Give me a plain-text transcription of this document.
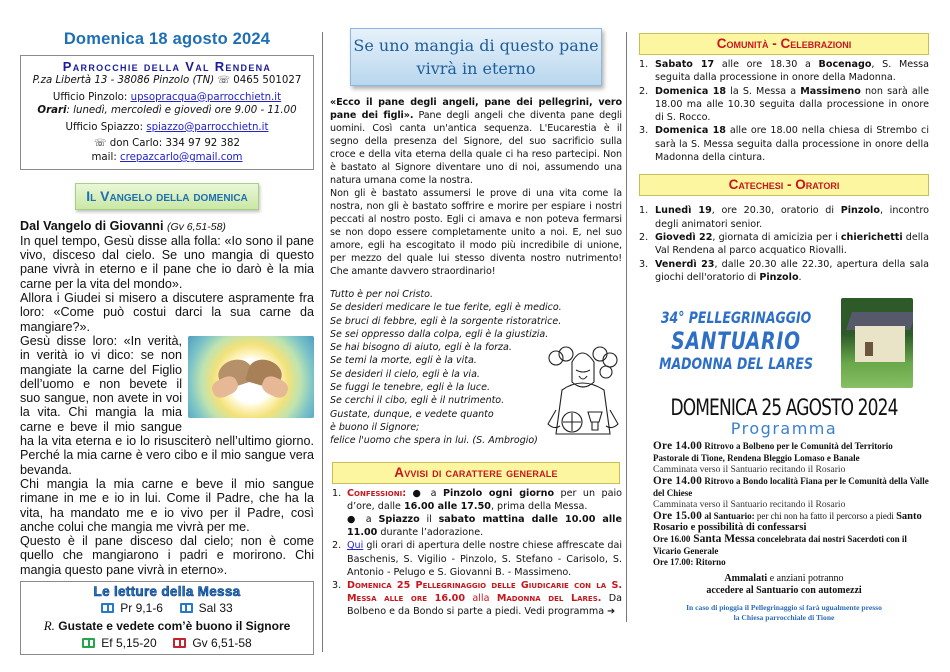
Domenica 18 agosto 2024
Parrocchie della Val Rendena
P.za Libertà 13 - 38086 Pinzolo (TN) ☏ 0465 501027
Ufficio Pinzolo: upsopracqua@parrocchietn.it
Orari: lunedì, mercoledì e giovedì ore 9.00 - 11.00
Ufficio Spiazzo: spiazzo@parrocchietn.it
☏ don Carlo: 334 97 92 382
mail: crepazcarlo@gmail.com
Il Vangelo della domenica

Dal Vangelo di Giovanni (Gv 6,51-58)

In quel tempo, Gesù disse alla folla: «Io sono il pane vivo, disceso dal cielo. Se uno mangia di questo pane vivrà in eterno e il pane che io darò è la mia carne per la vita del mondo».

Allora i Giudei si misero a discutere aspramente fra loro: «Come può costui darci la sua carne da mangiare?».

Gesù disse loro: «In verità, in verità io vi dico: se non mangiate la carne del Figlio dell’uomo e non bevete il suo sangue, non avete in voi la vita. Chi mangia la mia carne e beve il mio sangue ha la vita eterna e io lo risusciterò nell’ultimo giorno. Perché la mia carne è vero cibo e il mio sangue vera bevanda.

Chi mangia la mia carne e beve il mio sangue rimane in me e io in lui. Come il Padre, che ha la vita, ha mandato me e io vivo per il Padre, così anche colui che mangia me vivrà per me.

Questo è il pane disceso dal cielo; non è come quello che mangiarono i padri e morirono. Chi mangia questo pane vivrà in eterno».

Le letture della Messa
Pr 9,1-6	Sal 33
R. Gustate e vedete com’è buono il Signore
Ef 5,15-20	Gv 6,51-58
Se uno mangia di questo pane
vivrà in eterno

«Ecco il pane degli angeli, pane dei pellegrini, vero pane dei figli». Pane degli angeli che diventa pane degli uomini. Così canta un'antica sequenza. L'Eucarestia è il segno della presenza del Signore, del suo sacrificio sulla croce e della vita eterna della quale ci ha reso partecipi. Non è bastato al Signore diventare uno di noi, assumendo una natura umana come la nostra.

Non gli è bastato assumersi le prove di una vita come la nostra, non gli è bastato soffrire e morire per espiare i nostri peccati al nostro posto. Egli ci amava e non poteva fermarsi se non dopo essere completamente unito a noi. E, nel suo amore, egli ha escogitato il modo più incredibile di unione, per mezzo del quale lui stesso diventa nostro nutrimento! Che amante davvero straordinario!

Tutto è per noi Cristo.
Se desideri medicare le tue ferite, egli è medico.
Se bruci di febbre, egli è la sorgente ristoratrice.
Se sei oppresso dalla colpa, egli è la giustizia.
Se hai bisogno di aiuto, egli è la forza.
Se temi la morte, egli è la vita.
Se desideri il cielo, egli è la via.
Se fuggi le tenebre, egli è la luce.
Se cerchi il cibo, egli è il nutrimento.
Gustate, dunque, e vedete quanto
è buono il Signore;
felice l'uomo che spera in lui. (S. Ambrogio)
Avvisi di carattere generale
1. Confessioni: ● a Pinzolo ogni giorno per un paio d’ore, dalle 16.00 alle 17.50, prima della Messa.
● a Spiazzo il sabato mattina dalle 10.00 alle 11.00 durante l’adorazione.
2. Qui gli orari di apertura delle nostre chiese affrescate dai Baschenis, S. Vigilio - Pinzolo, S. Stefano - Carisolo, S. Antonio - Pelugo e S. Giovanni B. - Massimeno.
3. Domenica 25 Pellegrinaggio delle Giudicarie con la S. Messa alle ore 16.00 alla Madonna del Lares. Da Bolbeno e da Bondo si parte a piedi. Vedi programma ➔
Comunità - Celebrazioni
1. Sabato 17 alle ore 18.30 a Bocenago, S. Messa seguita dalla processione in onore della Madonna.
2. Domenica 18 la S. Messa a Massimeno non sarà alle 18.00 ma alle 10.30 seguita dalla processione in onore di S. Rocco.
3. Domenica 18 alle ore 18.00 nella chiesa di Strembo ci sarà la S. Messa seguita dalla processione in onore della Madonna della cintura.
Catechesi - Oratori
1. Lunedì 19, ore 20.30, oratorio di Pinzolo, incontro degli animatori senior.
2. Giovedì 22, giornata di amicizia per i chierichetti della Val Rendena al parco acquatico Riovalli.
3. Venerdì 23, dalle 20.30 alle 22.30, apertura della sala giochi dell'oratorio di Pinzolo.
34° PELLEGRINAGGIO
SANTUARIO
MADONNA DEL LARES
DOMENICA 25 AGOSTO 2024
Programma
Ore 14.00 Ritrovo a Bolbeno per le Comunità del Territorio Pastorale di Tione, Rendena Bleggio Lomaso e Banale
Camminata verso il Santuario recitando il Rosario
Ore 14.00 Ritrovo a Bondo località Fiana per le Comunità della Valle del Chiese
Camminata verso il Santuario recitando il Rosario
Ore 15.00 al Santuario: per chi non ha fatto il percorso a piedi Santo Rosario e possibilità di confessarsi
Ore 16.00 Santa Messa concelebrata dai nostri Sacerdoti con il Vicario Generale
Ore 17.00: Ritorno
Ammalati e anziani potranno
accedere al Santuario con automezzi
In caso di pioggia il Pellegrinaggio si farà ugualmente presso
la Chiesa parrocchiale di Tione
